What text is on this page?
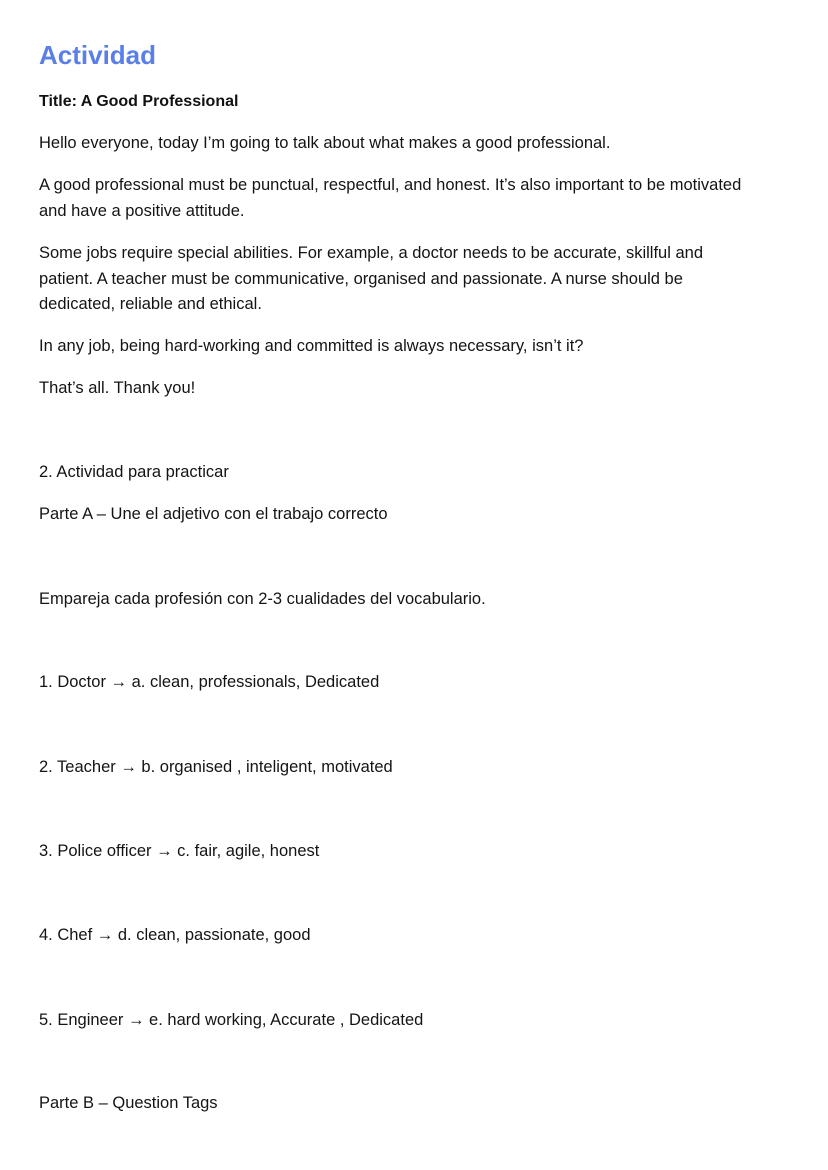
Actividad

Title: A Good Professional

Hello everyone, today I’m going to talk about what makes a good professional.

A good professional must be punctual, respectful, and honest. It’s also important to be motivated and have a positive attitude.

Some jobs require special abilities. For example, a doctor needs to be accurate, skillful and patient. A teacher must be communicative, organised and passionate. A nurse should be dedicated, reliable and ethical.

In any job, being hard-working and committed is always necessary, isn’t it?

That’s all. Thank you!

2. Actividad para practicar

Parte A – Une el adjetivo con el trabajo correcto

Empareja cada profesión con 2-3 cualidades del vocabulario.

1. Doctor → a. clean, professionals, Dedicated

2. Teacher → b. organised , inteligent, motivated

3. Police officer → c. fair, agile, honest

4. Chef → d. clean, passionate, good

5. Engineer → e. hard working, Accurate , Dedicated

Parte B – Question Tags
